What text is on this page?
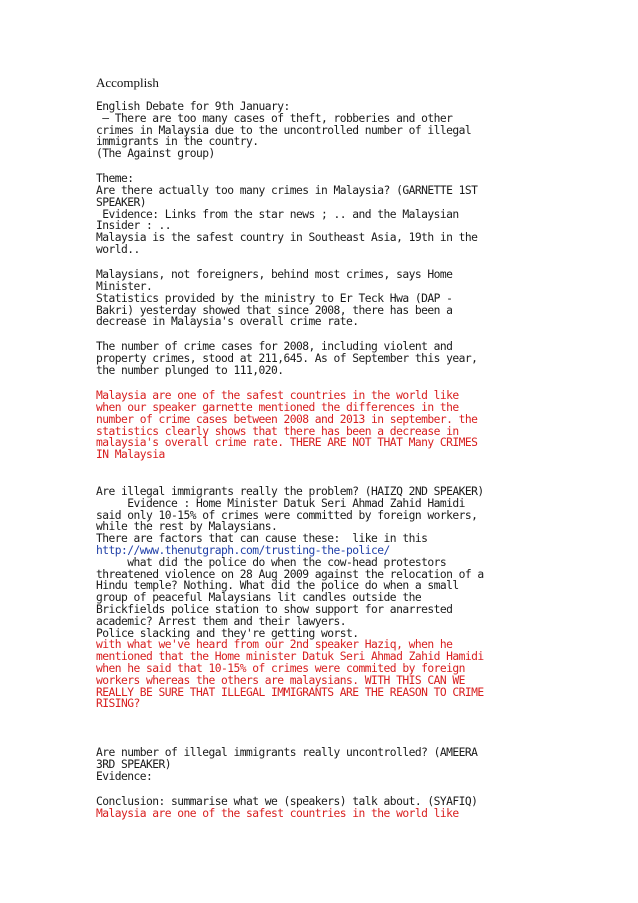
Accomplish
English Debate for 9th January:
– There are too many cases of theft, robberies and other
crimes in Malaysia due to the uncontrolled number of illegal
immigrants in the country.
(The Against group)
Theme:
Are there actually too many crimes in Malaysia? (GARNETTE 1ST
SPEAKER)
Evidence: Links from the star news ; .. and the Malaysian
Insider : ..
Malaysia is the safest country in Southeast Asia, 19th in the
world..
Malaysians, not foreigners, behind most crimes, says Home
Minister.
Statistics provided by the ministry to Er Teck Hwa (DAP -
Bakri) yesterday showed that since 2008, there has been a
decrease in Malaysia's overall crime rate.
The number of crime cases for 2008, including violent and
property crimes, stood at 211,645. As of September this year,
the number plunged to 111,020.
Malaysia are one of the safest countries in the world like
when our speaker garnette mentioned the differences in the
number of crime cases between 2008 and 2013 in september. the
statistics clearly shows that there has been a decrease in
malaysia's overall crime rate. THERE ARE NOT THAT Many CRIMES
IN Malaysia
Are illegal immigrants really the problem? (HAIZQ 2ND SPEAKER)
Evidence : Home Minister Datuk Seri Ahmad Zahid Hamidi
said only 10-15% of crimes were committed by foreign workers,
while the rest by Malaysians.
There are factors that can cause these:  like in this
http://www.thenutgraph.com/trusting-the-police/
what did the police do when the cow-head protestors
threatened violence on 28 Aug 2009 against the relocation of a
Hindu temple? Nothing. What did the police do when a small
group of peaceful Malaysians lit candles outside the
Brickfields police station to show support for anarrested
academic? Arrest them and their lawyers.
Police slacking and they're getting worst.
with what we've heard from our 2nd speaker Haziq, when he
mentioned that the Home minister Datuk Seri Ahmad Zahid Hamidi
when he said that 10-15% of crimes were commited by foreign
workers whereas the others are malaysians. WITH THIS CAN WE
REALLY BE SURE THAT ILLEGAL IMMIGRANTS ARE THE REASON TO CRIME
RISING?
Are number of illegal immigrants really uncontrolled? (AMEERA
3RD SPEAKER)
Evidence:
Conclusion: summarise what we (speakers) talk about. (SYAFIQ)
Malaysia are one of the safest countries in the world like
